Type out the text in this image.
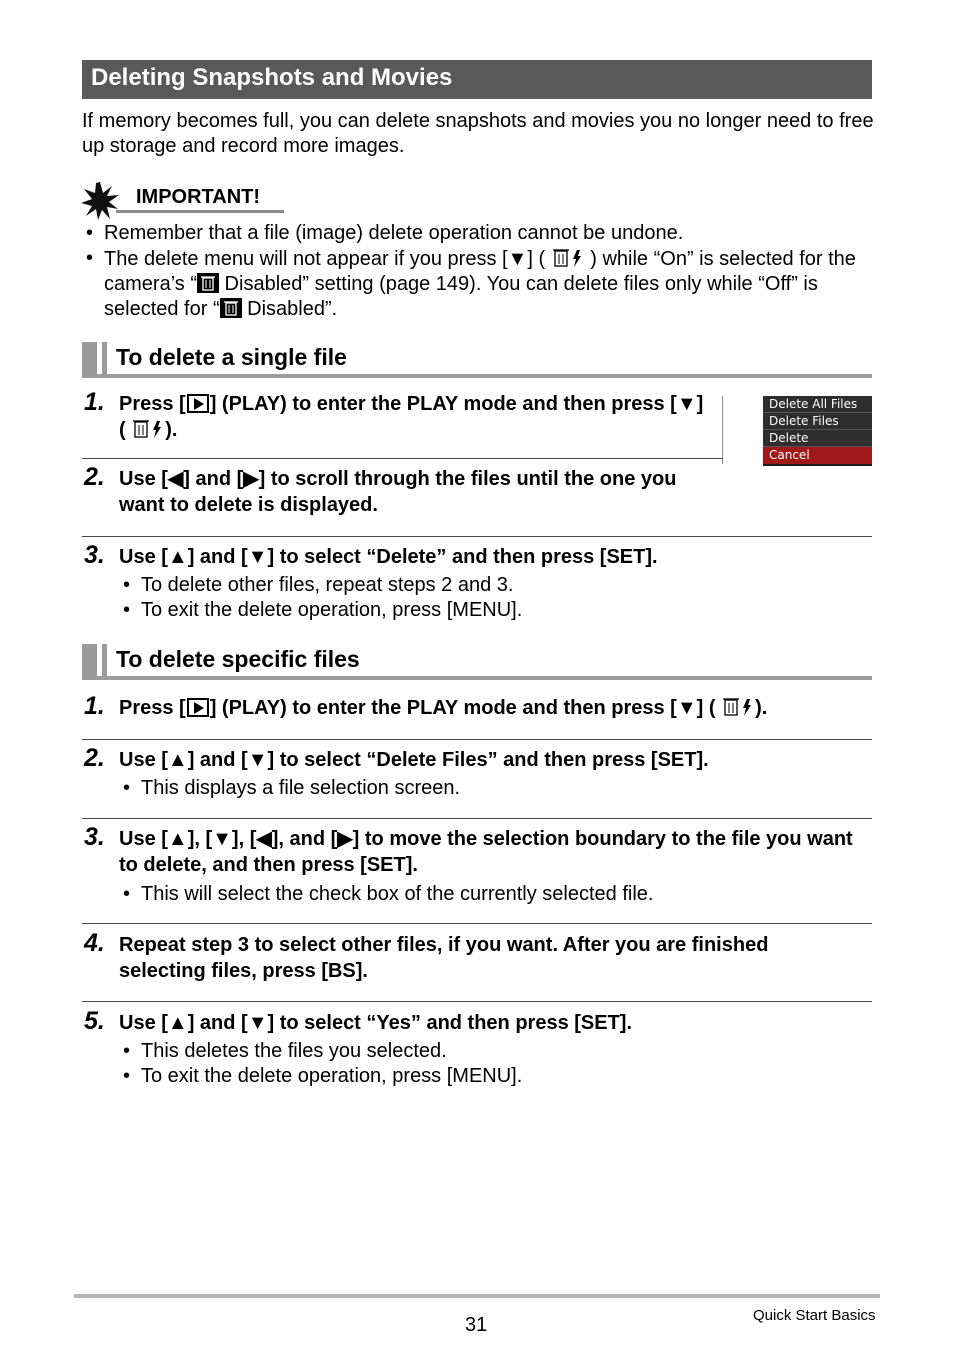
Deleting Snapshots and Movies

If memory becomes full, you can delete snapshots and movies you no longer need to free up storage and record more images.

IMPORTANT!
• Remember that a file (image) delete operation cannot be undone.
• The delete menu will not appear if you press [▼] ( ) while “On” is selected for the camera’s “ Disabled” setting (page 149). You can delete files only while “Off” is selected for “ Disabled”.
To delete a single file
1. Press [ ] (PLAY) to enter the PLAY mode and then press [▼] ( ).
Delete All Files
Delete Files
Delete
Cancel
2. Use [◀] and [▶] to scroll through the files until the one you want to delete is displayed.
3. Use [▲] and [▼] to select “Delete” and then press [SET].
• To delete other files, repeat steps 2 and 3.
• To exit the delete operation, press [MENU].
To delete specific files
1. Press [ ] (PLAY) to enter the PLAY mode and then press [▼] ( ).
2. Use [▲] and [▼] to select “Delete Files” and then press [SET].
• This displays a file selection screen.
3. Use [▲], [▼], [◀], and [▶] to move the selection boundary to the file you want to delete, and then press [SET].
• This will select the check box of the currently selected file.
4. Repeat step 3 to select other files, if you want. After you are finished selecting files, press [BS].
5. Use [▲] and [▼] to select “Yes” and then press [SET].
• This deletes the files you selected.
• To exit the delete operation, press [MENU].
31	Quick Start Basics
